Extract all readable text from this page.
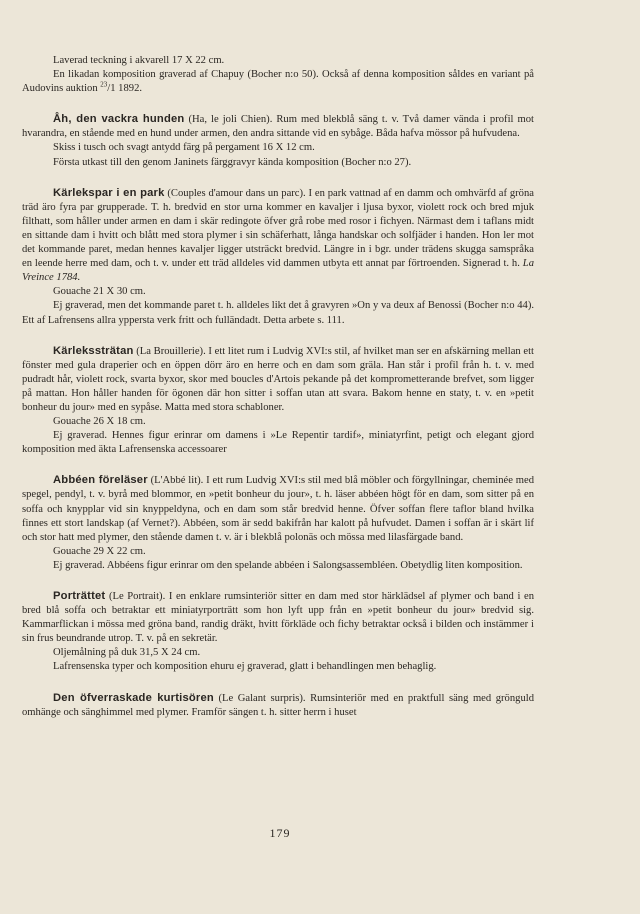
Laverad teckning i akvarell 17 X 22 cm.

En likadan komposition graverad af Chapuy (Bocher n:o 50). Också af denna komposition såldes en variant på Audovins auktion $^{23}$/1 1892.

Åh, den vackra hunden (Ha, le joli Chien). Rum med blekblå säng t. v. Två damer vända i profil mot hvarandra, en stående med en hund under armen, den andra sittande vid en sybåge. Båda hafva mössor på hufvudena.

Skiss i tusch och svagt antydd färg på pergament 16 X 12 cm.

Första utkast till den genom Janinets färggravyr kända komposition (Bocher n:o 27).

Kärlekspar i en park (Couples d'amour dans un parc). I en park vattnad af en damm och omhvärfd af gröna träd äro fyra par grupperade. T. h. bredvid en stor urna kommer en kavaljer i ljusa byxor, violett rock och bred mjuk filthatt, som håller under armen en dam i skär redingote öfver grå robe med rosor i fichyen. Närmast dem i taflans midt en sittande dam i hvitt och blått med stora plymer i sin schäferhatt, långa handskar och solfjäder i handen. Hon ler mot det kommande paret, medan hennes kavaljer ligger utsträckt bredvid. Längre in i bgr. under trädens skugga samspråka en leende herre med dam, och t. v. under ett träd alldeles vid dammen utbyta ett annat par förtroenden. Signerad t. h. La Vreince 1784.

Gouache 21 X 30 cm.

Ej graverad, men det kommande paret t. h. alldeles likt det å gravyren »On y va deux af Benossi (Bocher n:o 44). Ett af Lafrensens allra yppersta verk fritt och fulländadt. Detta arbete s. 111.

Kärlekssträtan (La Brouillerie). I ett litet rum i Ludvig XVI:s stil, af hvilket man ser en afskärning mellan ett fönster med gula draperier och en öppen dörr äro en herre och en dam som gräla. Han står i profil från h. t. v. med pudradt hår, violett rock, svarta byxor, skor med boucles d'Artois pekande på det komprometterande brefvet, som ligger på mattan. Hon håller handen för ögonen där hon sitter i soffan utan att svara. Bakom henne en staty, t. v. en »petit bonheur du jour» med en sypåse. Matta med stora schabloner.

Gouache 26 X 18 cm.

Ej graverad. Hennes figur erinrar om damens i »Le Repentir tardif», miniatyrfint, petigt och elegant gjord komposition med äkta Lafrensenska accessoarer

Abbéen föreläser (L'Abbé lit). I ett rum Ludvig XVI:s stil med blå möbler och förgyllningar, cheminée med spegel, pendyl, t. v. byrå med blommor, en »petit bonheur du jour», t. h. läser abbéen högt för en dam, som sitter på en soffa och knypplar vid sin knyppeldyna, och en dam som står bredvid henne. Öfver soffan flere taflor bland hvilka finnes ett stort landskap (af Vernet?). Abbéen, som är sedd bakifrån har kalott på hufvudet. Damen i soffan är i skärt lif och stor hatt med plymer, den stående damen t. v. är i blekblå polonäs och mössa med lilasfärgade band.

Gouache 29 X 22 cm.

Ej graverad. Abbéens figur erinrar om den spelande abbéen i Salongsassembléen. Obetydlig liten komposition.

Porträttet (Le Portrait). I en enklare rumsinteriör sitter en dam med stor härklädsel af plymer och band i en bred blå soffa och betraktar ett miniatyrporträtt som hon lyft upp från en »petit bonheur du jour» bredvid sig. Kammarflickan i mössa med gröna band, randig dräkt, hvitt förkläde och fichy betraktar också i bilden och instämmer i sin frus beundrande utrop. T. v. på en sekretär.

Oljemålning på duk 31,5 X 24 cm.

Lafrensenska typer och komposition ehuru ej graverad, glatt i behandlingen men behaglig.

Den öfverraskade kurtisören (Le Galant surpris). Rumsinteriör med en praktfull säng med grönguld omhänge och sänghimmel med plymer. Framför sängen t. h. sitter herrn i huset

179
